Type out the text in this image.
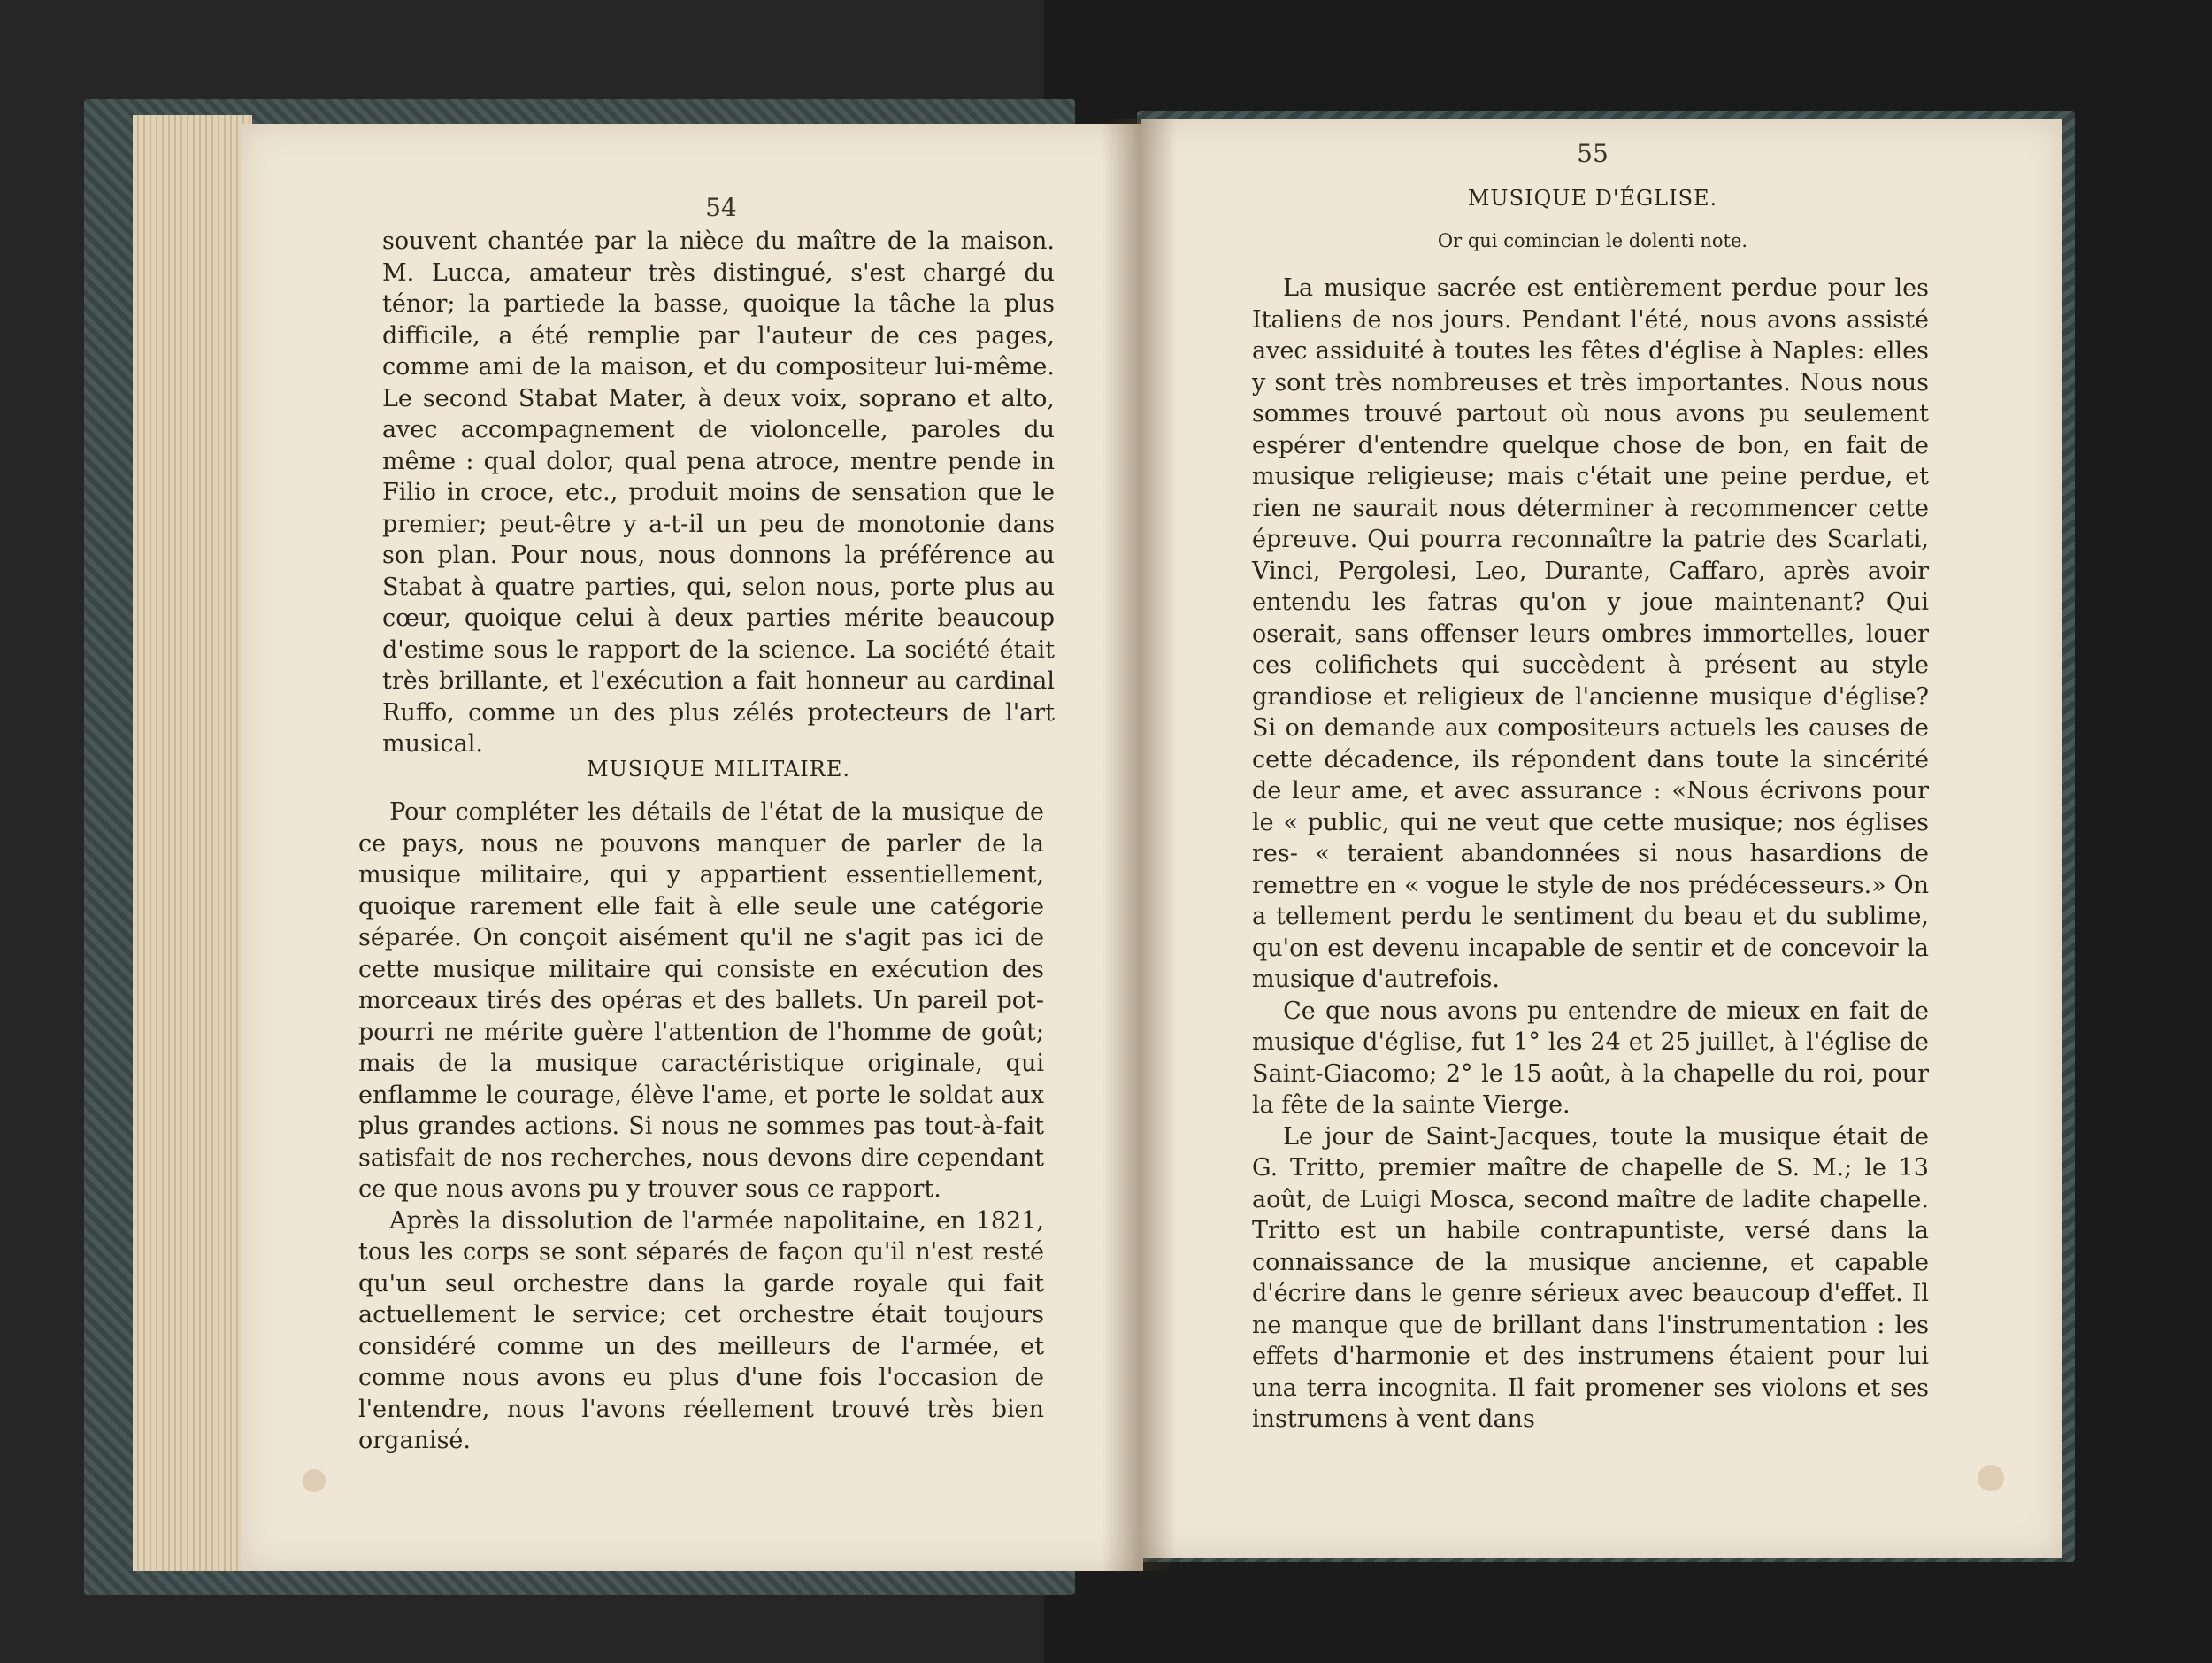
54

souvent chantée par la nièce du maître de la maison. M. Lucca, amateur très distingué, s'est chargé du ténor; la partiede la basse, quoique la tâche la plus difficile, a été remplie par l'auteur de ces pages, comme ami de la maison, et du compositeur lui-même. Le second Stabat Mater, à deux voix, soprano et alto, avec accompagnement de violoncelle, paroles du même : qual dolor, qual pena atroce, mentre pende in Filio in croce, etc., produit moins de sensation que le premier; peut-être y a-t-il un peu de monotonie dans son plan. Pour nous, nous donnons la préférence au Stabat à quatre parties, qui, selon nous, porte plus au cœur, quoique celui à deux parties mérite beaucoup d'estime sous le rapport de la science. La société était très brillante, et l'exécution a fait honneur au cardinal Ruffo, comme un des plus zélés protecteurs de l'art musical.

MUSIQUE MILITAIRE.

Pour compléter les détails de l'état de la musique de ce pays, nous ne pouvons manquer de parler de la musique militaire, qui y appartient essentiellement, quoique rarement elle fait à elle seule une catégorie séparée. On conçoit aisément qu'il ne s'agit pas ici de cette musique militaire qui consiste en exécution des morceaux tirés des opéras et des ballets. Un pareil pot-pourri ne mérite guère l'attention de l'homme de goût; mais de la musique caractéristique originale, qui enflamme le courage, élève l'ame, et porte le soldat aux plus grandes actions. Si nous ne sommes pas tout-à-fait satisfait de nos recherches, nous devons dire cependant ce que nous avons pu y trouver sous ce rapport.

Après la dissolution de l'armée napolitaine, en 1821, tous les corps se sont séparés de façon qu'il n'est resté qu'un seul orchestre dans la garde royale qui fait actuellement le service; cet orchestre était toujours considéré comme un des meilleurs de l'armée, et comme nous avons eu plus d'une fois l'occasion de l'entendre, nous l'avons réellement trouvé très bien organisé.

55
MUSIQUE D'ÉGLISE.
Or qui comincian le dolenti note.

La musique sacrée est entièrement perdue pour les Italiens de nos jours. Pendant l'été, nous avons assisté avec assiduité à toutes les fêtes d'église à Naples: elles y sont très nombreuses et très importantes. Nous nous sommes trouvé partout où nous avons pu seulement espérer d'entendre quelque chose de bon, en fait de musique religieuse; mais c'était une peine perdue, et rien ne saurait nous déterminer à recommencer cette épreuve. Qui pourra reconnaître la patrie des Scarlati, Vinci, Pergolesi, Leo, Durante, Caffaro, après avoir entendu les fatras qu'on y joue maintenant? Qui oserait, sans offenser leurs ombres immortelles, louer ces colifichets qui succèdent à présent au style grandiose et religieux de l'ancienne musique d'église? Si on demande aux compositeurs actuels les causes de cette décadence, ils répondent dans toute la sincérité de leur ame, et avec assurance : «Nous écrivons pour le « public, qui ne veut que cette musique; nos églises res- « teraient abandonnées si nous hasardions de remettre en « vogue le style de nos prédécesseurs.» On a tellement perdu le sentiment du beau et du sublime, qu'on est devenu incapable de sentir et de concevoir la musique d'autrefois.

Ce que nous avons pu entendre de mieux en fait de musique d'église, fut 1° les 24 et 25 juillet, à l'église de Saint-Giacomo; 2° le 15 août, à la chapelle du roi, pour la fête de la sainte Vierge.

Le jour de Saint-Jacques, toute la musique était de G. Tritto, premier maître de chapelle de S. M.; le 13 août, de Luigi Mosca, second maître de ladite chapelle. Tritto est un habile contrapuntiste, versé dans la connaissance de la musique ancienne, et capable d'écrire dans le genre sérieux avec beaucoup d'effet. Il ne manque que de brillant dans l'instrumentation : les effets d'harmonie et des instrumens étaient pour lui una terra incognita. Il fait promener ses violons et ses instrumens à vent dans
